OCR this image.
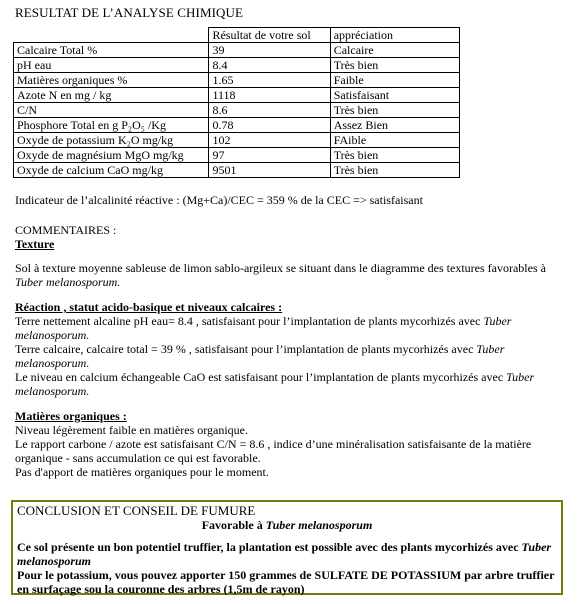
RESULTAT DE L’ANALYSE CHIMIQUE
	Résultat de votre sol	appréciation
Calcaire Total %	39	Calcaire
pH eau	8.4	Très bien
Matières organiques %	1.65	Faible
Azote N en mg / kg	1118	Satisfaisant
C/N	8.6	Très bien
Phosphore Total en g P₂O₅ /Kg	0.78	Assez Bien
Oxyde de potassium K₂O mg/kg	102	FAible
Oxyde de magnésium MgO mg/kg	97	Très bien
Oxyde de calcium CaO mg/kg	9501	Très bien
Indicateur de l’alcalinité réactive : (Mg+Ca)/CEC = 359 % de la CEC => satisfaisant
COMMENTAIRES :
Texture

Sol à texture moyenne sableuse de limon sablo-argileux se situant dans le diagramme des textures favorables à Tuber melanosporum.

Réaction , statut acido-basique et niveaux calcaires :

Terre nettement alcaline pH eau= 8.4 , satisfaisant pour l’implantation de plants mycorhizés avec Tuber melanosporum.

Terre calcaire, calcaire total = 39 % , satisfaisant pour l’implantation de plants mycorhizés avec Tuber melanosporum.

Le niveau en calcium échangeable CaO est satisfaisant pour l’implantation de plants mycorhizés avec Tuber melanosporum.

Matières organiques :

Niveau légèrement faible en matières organique.

Le rapport carbone / azote est satisfaisant C/N = 8.6 , indice d’une minéralisation satisfaisante de la matière organique - sans accumulation ce qui est favorable.

Pas d'apport de matières organiques pour le moment.

CONCLUSION ET CONSEIL DE FUMURE
Favorable à Tuber melanosporum

Ce sol présente un bon potentiel truffier, la plantation est possible avec des plants mycorhizés avec Tuber melanosporum

Pour le potassium, vous pouvez apporter 150 grammes de SULFATE DE POTASSIUM par arbre truffier en surfaçage sou la couronne des arbres (1,5m de rayon)
